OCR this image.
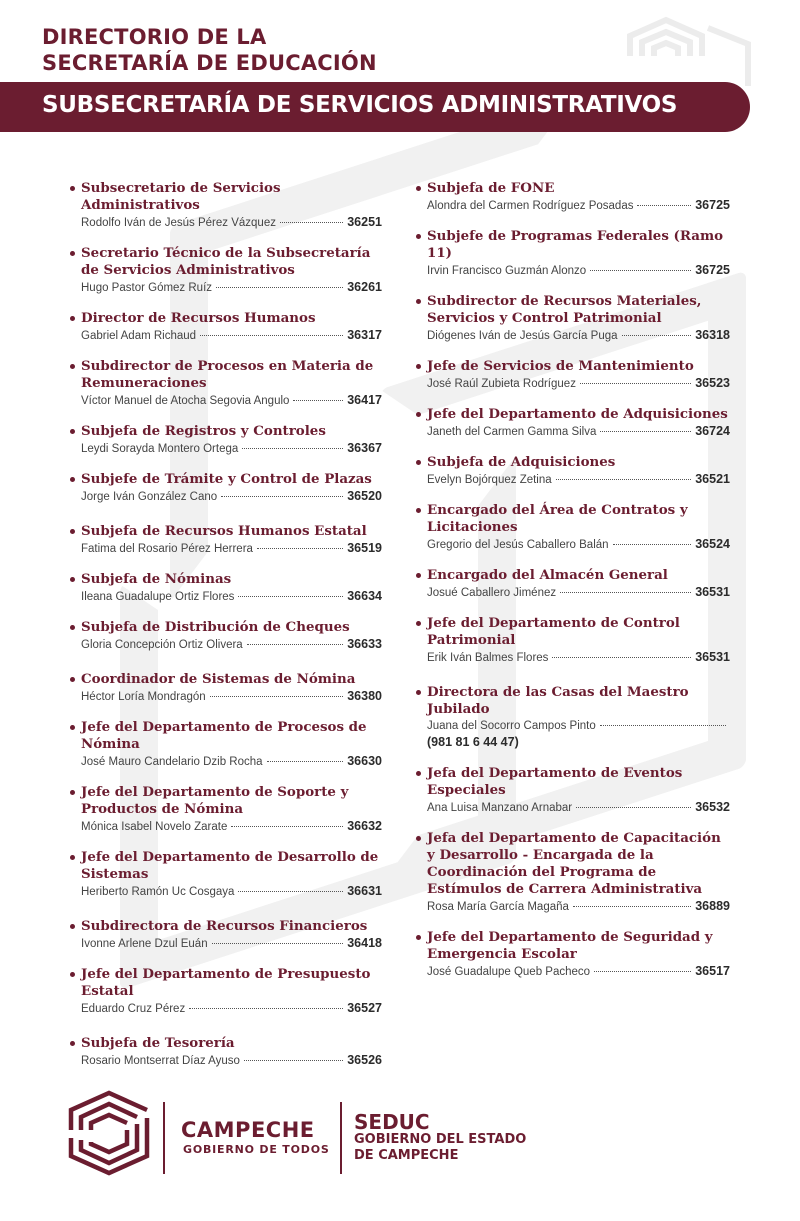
DIRECTORIO DE LA
SECRETARÍA DE EDUCACIÓN
SUBSECRETARÍA DE SERVICIOS ADMINISTRATIVOS
Subsecretario de Servicios Administrativos
Rodolfo Iván de Jesús Pérez Vázquez	36251
Secretario Técnico de la Subsecretaría de Servicios Administrativos
Hugo Pastor Gómez Ruíz	36261
Director de Recursos Humanos
Gabriel Adam Richaud	36317
Subdirector de Procesos en Materia de Remuneraciones
Víctor Manuel de Atocha Segovia Angulo	36417
Subjefa de Registros y Controles
Leydi Sorayda Montero Ortega	36367
Subjefe de Trámite y Control de Plazas
Jorge Iván González Cano	36520
Subjefa de Recursos Humanos Estatal
Fatima del Rosario Pérez Herrera	36519
Subjefa de Nóminas
Ileana Guadalupe Ortiz Flores	36634
Subjefa de Distribución de Cheques
Gloria Concepción Ortiz Olivera	36633
Coordinador de Sistemas de Nómina
Héctor Loría Mondragón	36380
Jefe del Departamento de Procesos de Nómina
José Mauro Candelario Dzib Rocha	36630
Jefe del Departamento de Soporte y Productos de Nómina
Mónica Isabel Novelo Zarate	36632
Jefe del Departamento de Desarrollo de Sistemas
Heriberto Ramón Uc Cosgaya	36631
Subdirectora de Recursos Financieros
Ivonne Arlene Dzul Euán	36418
Jefe del Departamento de Presupuesto Estatal
Eduardo Cruz Pérez	36527
Subjefa de Tesorería
Rosario Montserrat Díaz Ayuso	36526
Subjefa de FONE
Alondra del Carmen Rodríguez Posadas	36725
Subjefe de Programas Federales (Ramo 11)
Irvin Francisco Guzmán Alonzo	36725
Subdirector de Recursos Materiales, Servicios y Control Patrimonial
Diógenes Iván de Jesús García Puga	36318
Jefe de Servicios de Mantenimiento
José Raúl Zubieta Rodríguez	36523
Jefe del Departamento de Adquisiciones
Janeth del Carmen Gamma Silva	36724
Subjefa de Adquisiciones
Evelyn Bojórquez Zetina	36521
Encargado del Área de Contratos y Licitaciones
Gregorio del Jesús Caballero Balán	36524
Encargado del Almacén General
Josué Caballero Jiménez	36531
Jefe del Departamento de Control Patrimonial
Erik Iván Balmes Flores	36531
Directora de las Casas del Maestro Jubilado
Juana del Socorro Campos Pinto
(981 81 6 44 47)
Jefa del Departamento de Eventos Especiales
Ana Luisa Manzano Arnabar	36532
Jefa del Departamento de Capacitación y Desarrollo - Encargada de la Coordinación del Programa de Estímulos de Carrera Administrativa
Rosa María García Magaña	36889
Jefe del Departamento de Seguridad y Emergencia Escolar
José Guadalupe Queb Pacheco	36517
CAMPECHE
GOBIERNO DE TODOS
SEDUC
GOBIERNO DEL ESTADO
DE CAMPECHE
